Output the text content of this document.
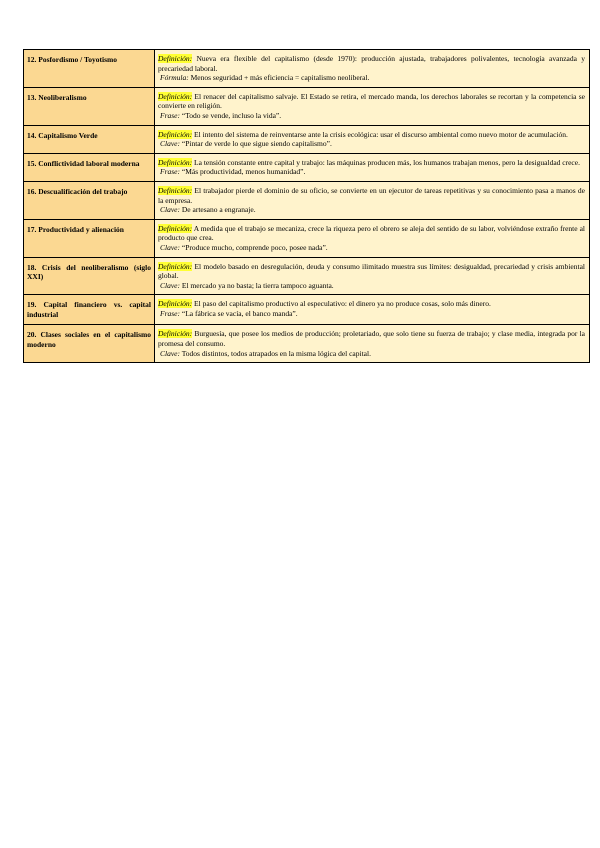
12. Posfordismo / Toyotismo	Definición: Nueva era flexible del capitalismo (desde 1970): producción ajustada, trabajadores polivalentes, tecnología avanzada y precariedad laboral.
Fórmula: Menos seguridad + más eficiencia = capitalismo neoliberal.

13. Neoliberalismo	Definición: El renacer del capitalismo salvaje. El Estado se retira, el mercado manda, los derechos laborales se recortan y la competencia se convierte en religión.
Frase: “Todo se vende, incluso la vida”.

14. Capitalismo Verde	Definición: El intento del sistema de reinventarse ante la crisis ecológica: usar el discurso ambiental como nuevo motor de acumulación.
Clave: “Pintar de verde lo que sigue siendo capitalismo”.

15. Conflictividad laboral moderna	Definición: La tensión constante entre capital y trabajo: las máquinas producen más, los humanos trabajan menos, pero la desigualdad crece.
Frase: “Más productividad, menos humanidad”.

16. Descualificación del trabajo	Definición: El trabajador pierde el dominio de su oficio, se convierte en un ejecutor de tareas repetitivas y su conocimiento pasa a manos de la empresa.
Clave: De artesano a engranaje.

17. Productividad y alienación	Definición: A medida que el trabajo se mecaniza, crece la riqueza pero el obrero se aleja del sentido de su labor, volviéndose extraño frente al producto que crea.
Clave: “Produce mucho, comprende poco, posee nada”.

18. Crisis del neoliberalismo (siglo XXI)	Definición: El modelo basado en desregulación, deuda y consumo ilimitado muestra sus límites: desigualdad, precariedad y crisis ambiental global.
Clave: El mercado ya no basta; la tierra tampoco aguanta.

19. Capital financiero vs. capital industrial	Definición: El paso del capitalismo productivo al especulativo: el dinero ya no produce cosas, solo más dinero.
Frase: “La fábrica se vacía, el banco manda”.

20. Clases sociales en el capitalismo moderno	Definición: Burguesía, que posee los medios de producción; proletariado, que solo tiene su fuerza de trabajo; y clase media, integrada por la promesa del consumo.
Clave: Todos distintos, todos atrapados en la misma lógica del capital.
